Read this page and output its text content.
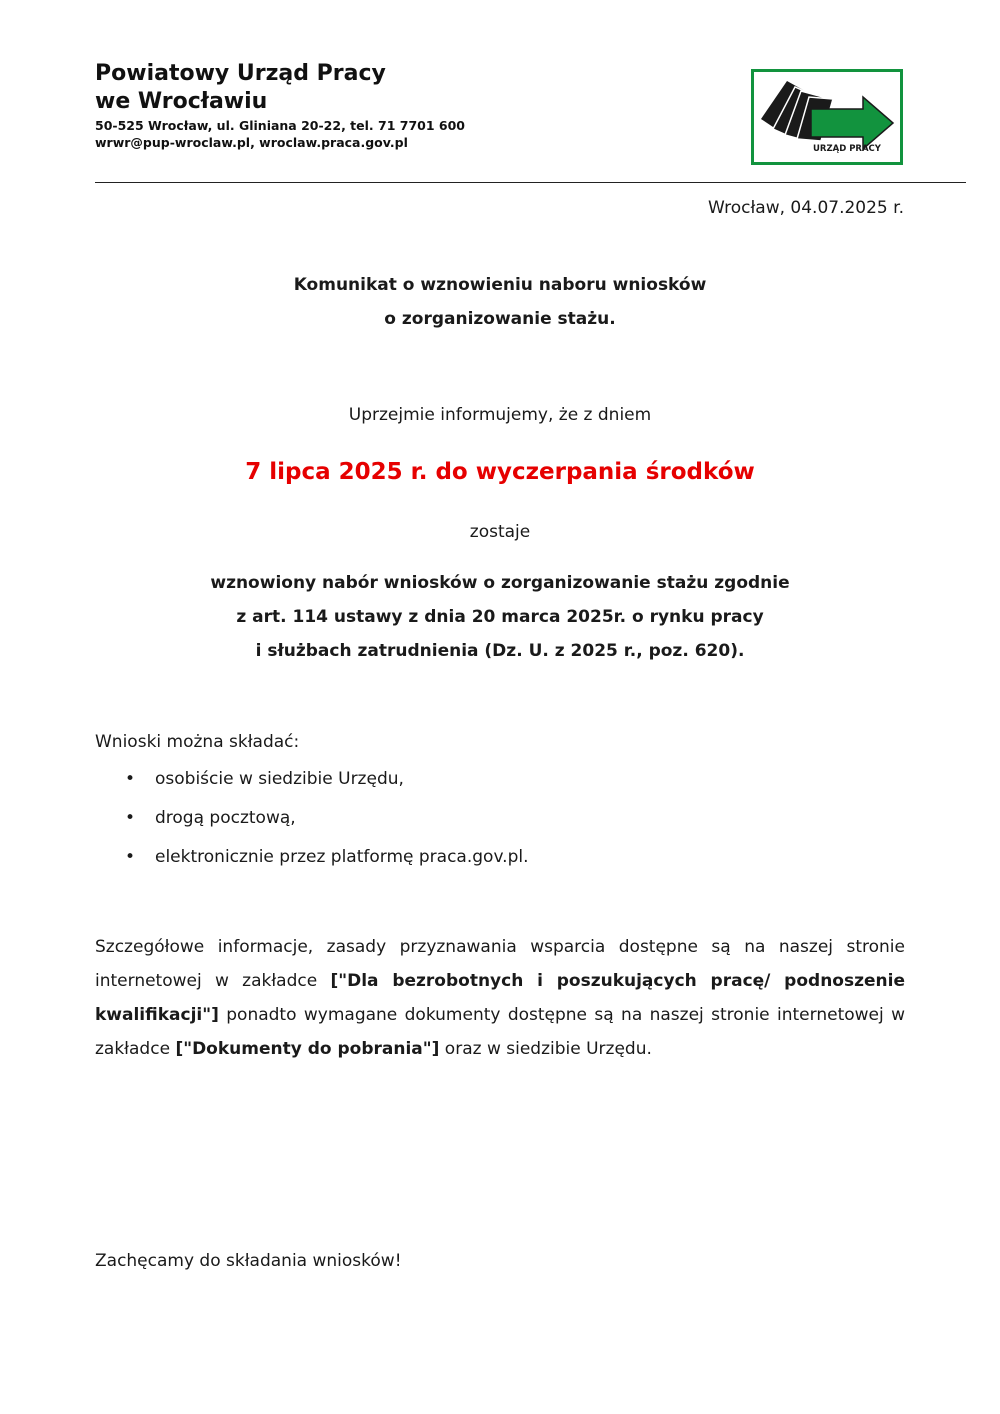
Powiatowy Urząd Pracy
we Wrocławiu
50-525 Wrocław, ul. Gliniana 20-22, tel. 71 7701 600
wrwr@pup-wroclaw.pl, wroclaw.praca.gov.pl	URZĄD PRACY
Wrocław, 04.07.2025 r.
Komunikat o wznowieniu naboru wniosków
o zorganizowanie stażu.
Uprzejmie informujemy, że z dniem
7 lipca 2025 r. do wyczerpania środków
zostaje
wznowiony nabór wniosków o zorganizowanie stażu zgodnie
z art. 114 ustawy z dnia 20 marca 2025r. o rynku pracy
i służbach zatrudnienia (Dz. U. z 2025 r., poz. 620).
Wnioski można składać:
• osobiście w siedzibie Urzędu,
• drogą pocztową,
• elektronicznie przez platformę praca.gov.pl.
Szczegółowe informacje, zasady przyznawania wsparcia dostępne są na naszej stronie internetowej w zakładce ["Dla bezrobotnych i poszukujących pracę/ podnoszenie kwalifikacji"] ponadto wymagane dokumenty dostępne są na naszej stronie internetowej w zakładce ["Dokumenty do pobrania"] oraz w siedzibie Urzędu.
Zachęcamy do składania wniosków!
